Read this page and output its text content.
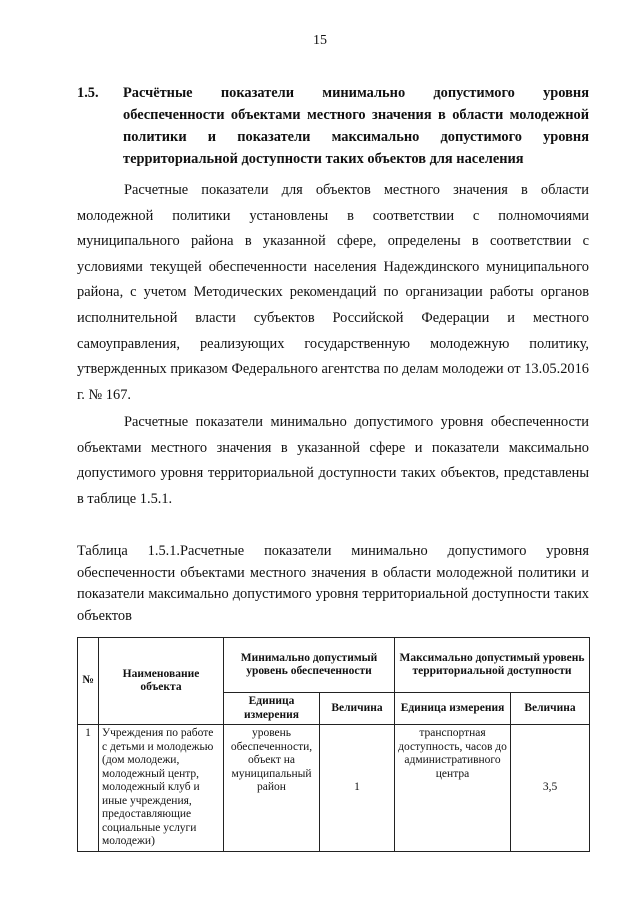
15
1.5. Расчётные показатели минимально допустимого уровня обеспеченности объектами местного значения в области молодежной политики и показатели максимально допустимого уровня территориальной доступности таких объектов для населения
Расчетные показатели для объектов местного значения в области молодежной политики установлены в соответствии с полномочиями муниципального района в указанной сфере, определены в соответствии с условиями текущей обеспеченности населения Надеждинского муниципального района, с учетом Методических рекомендаций по организации работы органов исполнительной власти субъектов Российской Федерации и местного самоуправления, реализующих государственную молодежную политику, утвержденных приказом Федерального агентства по делам молодежи от 13.05.2016 г. № 167.
Расчетные показатели минимально допустимого уровня обеспеченности объектами местного значения в указанной сфере и показатели максимально допустимого уровня территориальной доступности таких объектов, представлены в таблице 1.5.1.
Таблица 1.5.1.Расчетные показатели минимально допустимого уровня обеспеченности объектами местного значения в области молодежной политики и показатели максимально допустимого уровня территориальной доступности таких объектов
№	Наименование объекта	Минимально допустимый уровень обеспеченности		Максимально допустимый уровень территориальной доступности	
		Единица измерения	Величина	Единица измерения	Величина
1	Учреждения по работе с детьми и молодежью (дом молодежи, молодежный центр, молодежный клуб и иные учреждения, предоставляющие социальные услуги молодежи)	уровень обеспеченности, объект на муниципальный район	1	транспортная доступность, часов до административного центра	3,5
